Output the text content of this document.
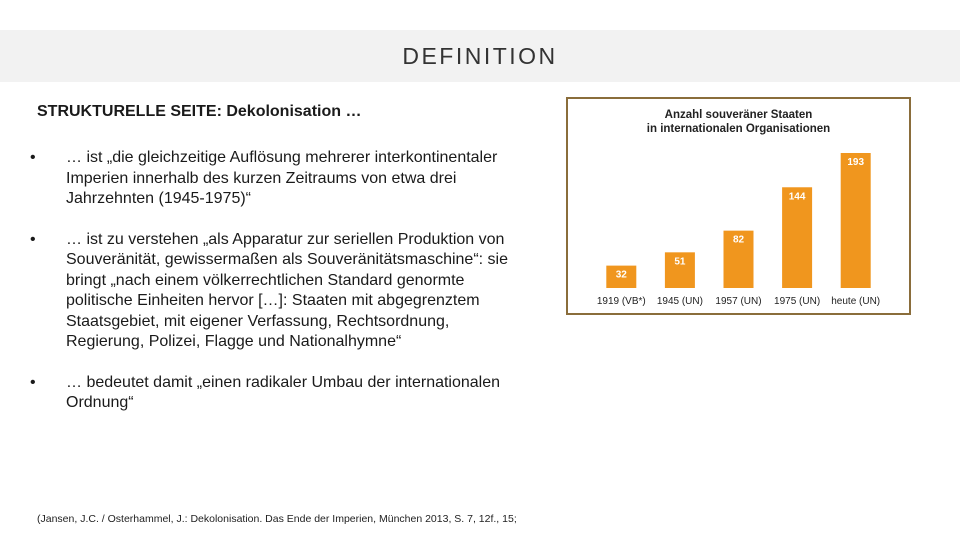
DEFINITION
STRUKTURELLE SEITE: Dekolonisation …
•	… ist „die gleichzeitige Auflösung mehrerer interkontinentaler Imperien innerhalb des kurzen Zeitraums von etwa drei Jahrzehnten (1945-1975)“
•	… ist zu verstehen „als Apparatur zur seriellen Produktion von Souveränität, gewissermaßen als Souveränitätsmaschine“: sie bringt „nach einem völkerrechtlichen Standard genormte politische Einheiten hervor […]: Staaten mit abgegrenztem Staatsgebiet, mit eigener Verfassung, Rechtsordnung, Regierung, Polizei, Flagge und Nationalhymne“
•	… bedeutet damit „einen radikaler Umbau der internationalen Ordnung“
(Jansen, J.C. / Osterhammel, J.: Dekolonisation. Das Ende der Imperien, München 2013, S. 7, 12f., 15;
Anzahl souveräner Staaten
in internationalen Organisationen
32
1919 (VB*)
51
1945 (UN)
82
1957 (UN)
144
1975 (UN)
193
heute (UN)
